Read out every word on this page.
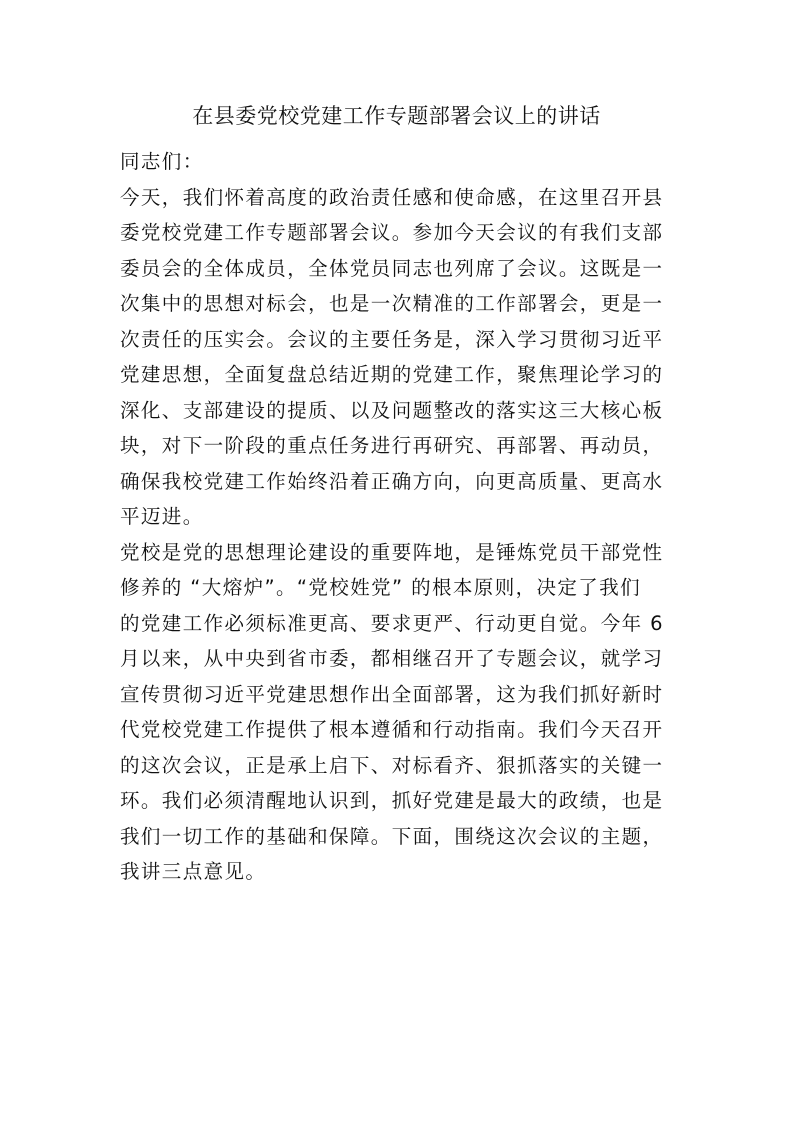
在县委党校党建工作专题部署会议上的讲话
同志们：
今天，我们怀着高度的政治责任感和使命感，在这里召开县
委党校党建工作专题部署会议。参加今天会议的有我们支部
委员会的全体成员，全体党员同志也列席了会议。这既是一
次集中的思想对标会，也是一次精准的工作部署会，更是一
次责任的压实会。会议的主要任务是，深入学习贯彻习近平
党建思想，全面复盘总结近期的党建工作，聚焦理论学习的
深化、支部建设的提质、以及问题整改的落实这三大核心板
块，对下一阶段的重点任务进行再研究、再部署、再动员，
确保我校党建工作始终沿着正确方向，向更高质量、更高水
平迈进。
党校是党的思想理论建设的重要阵地，是锤炼党员干部党性
修养的 “大熔炉”。“党校姓党” 的根本原则，决定了我们
的党建工作必须标准更高、要求更严、行动更自觉。今年 6
月以来，从中央到省市委，都相继召开了专题会议，就学习
宣传贯彻习近平党建思想作出全面部署，这为我们抓好新时
代党校党建工作提供了根本遵循和行动指南。我们今天召开
的这次会议，正是承上启下、对标看齐、狠抓落实的关键一
环。我们必须清醒地认识到，抓好党建是最大的政绩，也是
我们一切工作的基础和保障。下面，围绕这次会议的主题，
我讲三点意见。
